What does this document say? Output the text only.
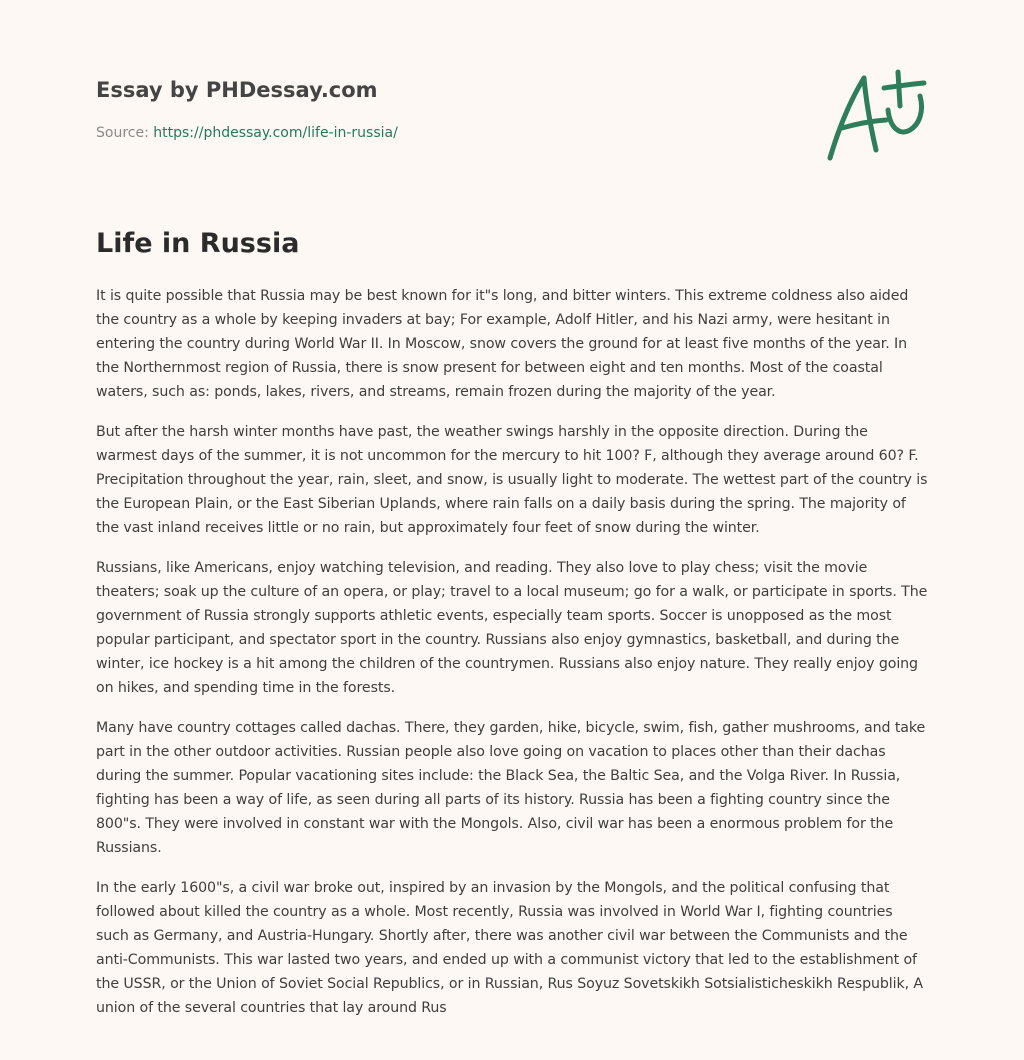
Essay by PHDessay.com
Source: https://phdessay.com/life-in-russia/
Life in Russia

It is quite possible that Russia may be best known for it"s long, and bitter winters. This extreme coldness also aided the country as a whole by keeping invaders at bay; For example, Adolf Hitler, and his Nazi army, were hesitant in entering the country during World War II. In Moscow, snow covers the ground for at least five months of the year. In the Northernmost region of Russia, there is snow present for between eight and ten months. Most of the coastal waters, such as: ponds, lakes, rivers, and streams, remain frozen during the majority of the year.

But after the harsh winter months have past, the weather swings harshly in the opposite direction. During the warmest days of the summer, it is not uncommon for the mercury to hit 100? F, although they average around 60? F. Precipitation throughout the year, rain, sleet, and snow, is usually light to moderate. The wettest part of the country is the European Plain, or the East Siberian Uplands, where rain falls on a daily basis during the spring. The majority of the vast inland receives little or no rain, but approximately four feet of snow during the winter.

Russians, like Americans, enjoy watching television, and reading. They also love to play chess; visit the movie theaters; soak up the culture of an opera, or play; travel to a local museum; go for a walk, or participate in sports. The government of Russia strongly supports athletic events, especially team sports. Soccer is unopposed as the most popular participant, and spectator sport in the country. Russians also enjoy gymnastics, basketball, and during the winter, ice hockey is a hit among the children of the countrymen. Russians also enjoy nature. They really enjoy going on hikes, and spending time in the forests.

Many have country cottages called dachas. There, they garden, hike, bicycle, swim, fish, gather mushrooms, and take part in the other outdoor activities. Russian people also love going on vacation to places other than their dachas during the summer. Popular vacationing sites include: the Black Sea, the Baltic Sea, and the Volga River. In Russia, fighting has been a way of life, as seen during all parts of its history. Russia has been a fighting country since the 800"s. They were involved in constant war with the Mongols. Also, civil war has been a enormous problem for the Russians.

In the early 1600"s, a civil war broke out, inspired by an invasion by the Mongols, and the political confusing that followed about killed the country as a whole. Most recently, Russia was involved in World War I, fighting countries such as Germany, and Austria-Hungary. Shortly after, there was another civil war between the Communists and the anti-Communists. This war lasted two years, and ended up with a communist victory that led to the establishment of the USSR, or the Union of Soviet Social Republics, or in Russian, Rus Soyuz Sovetskikh Sotsialisticheskikh Respublik, A union of the several countries that lay around Rus
